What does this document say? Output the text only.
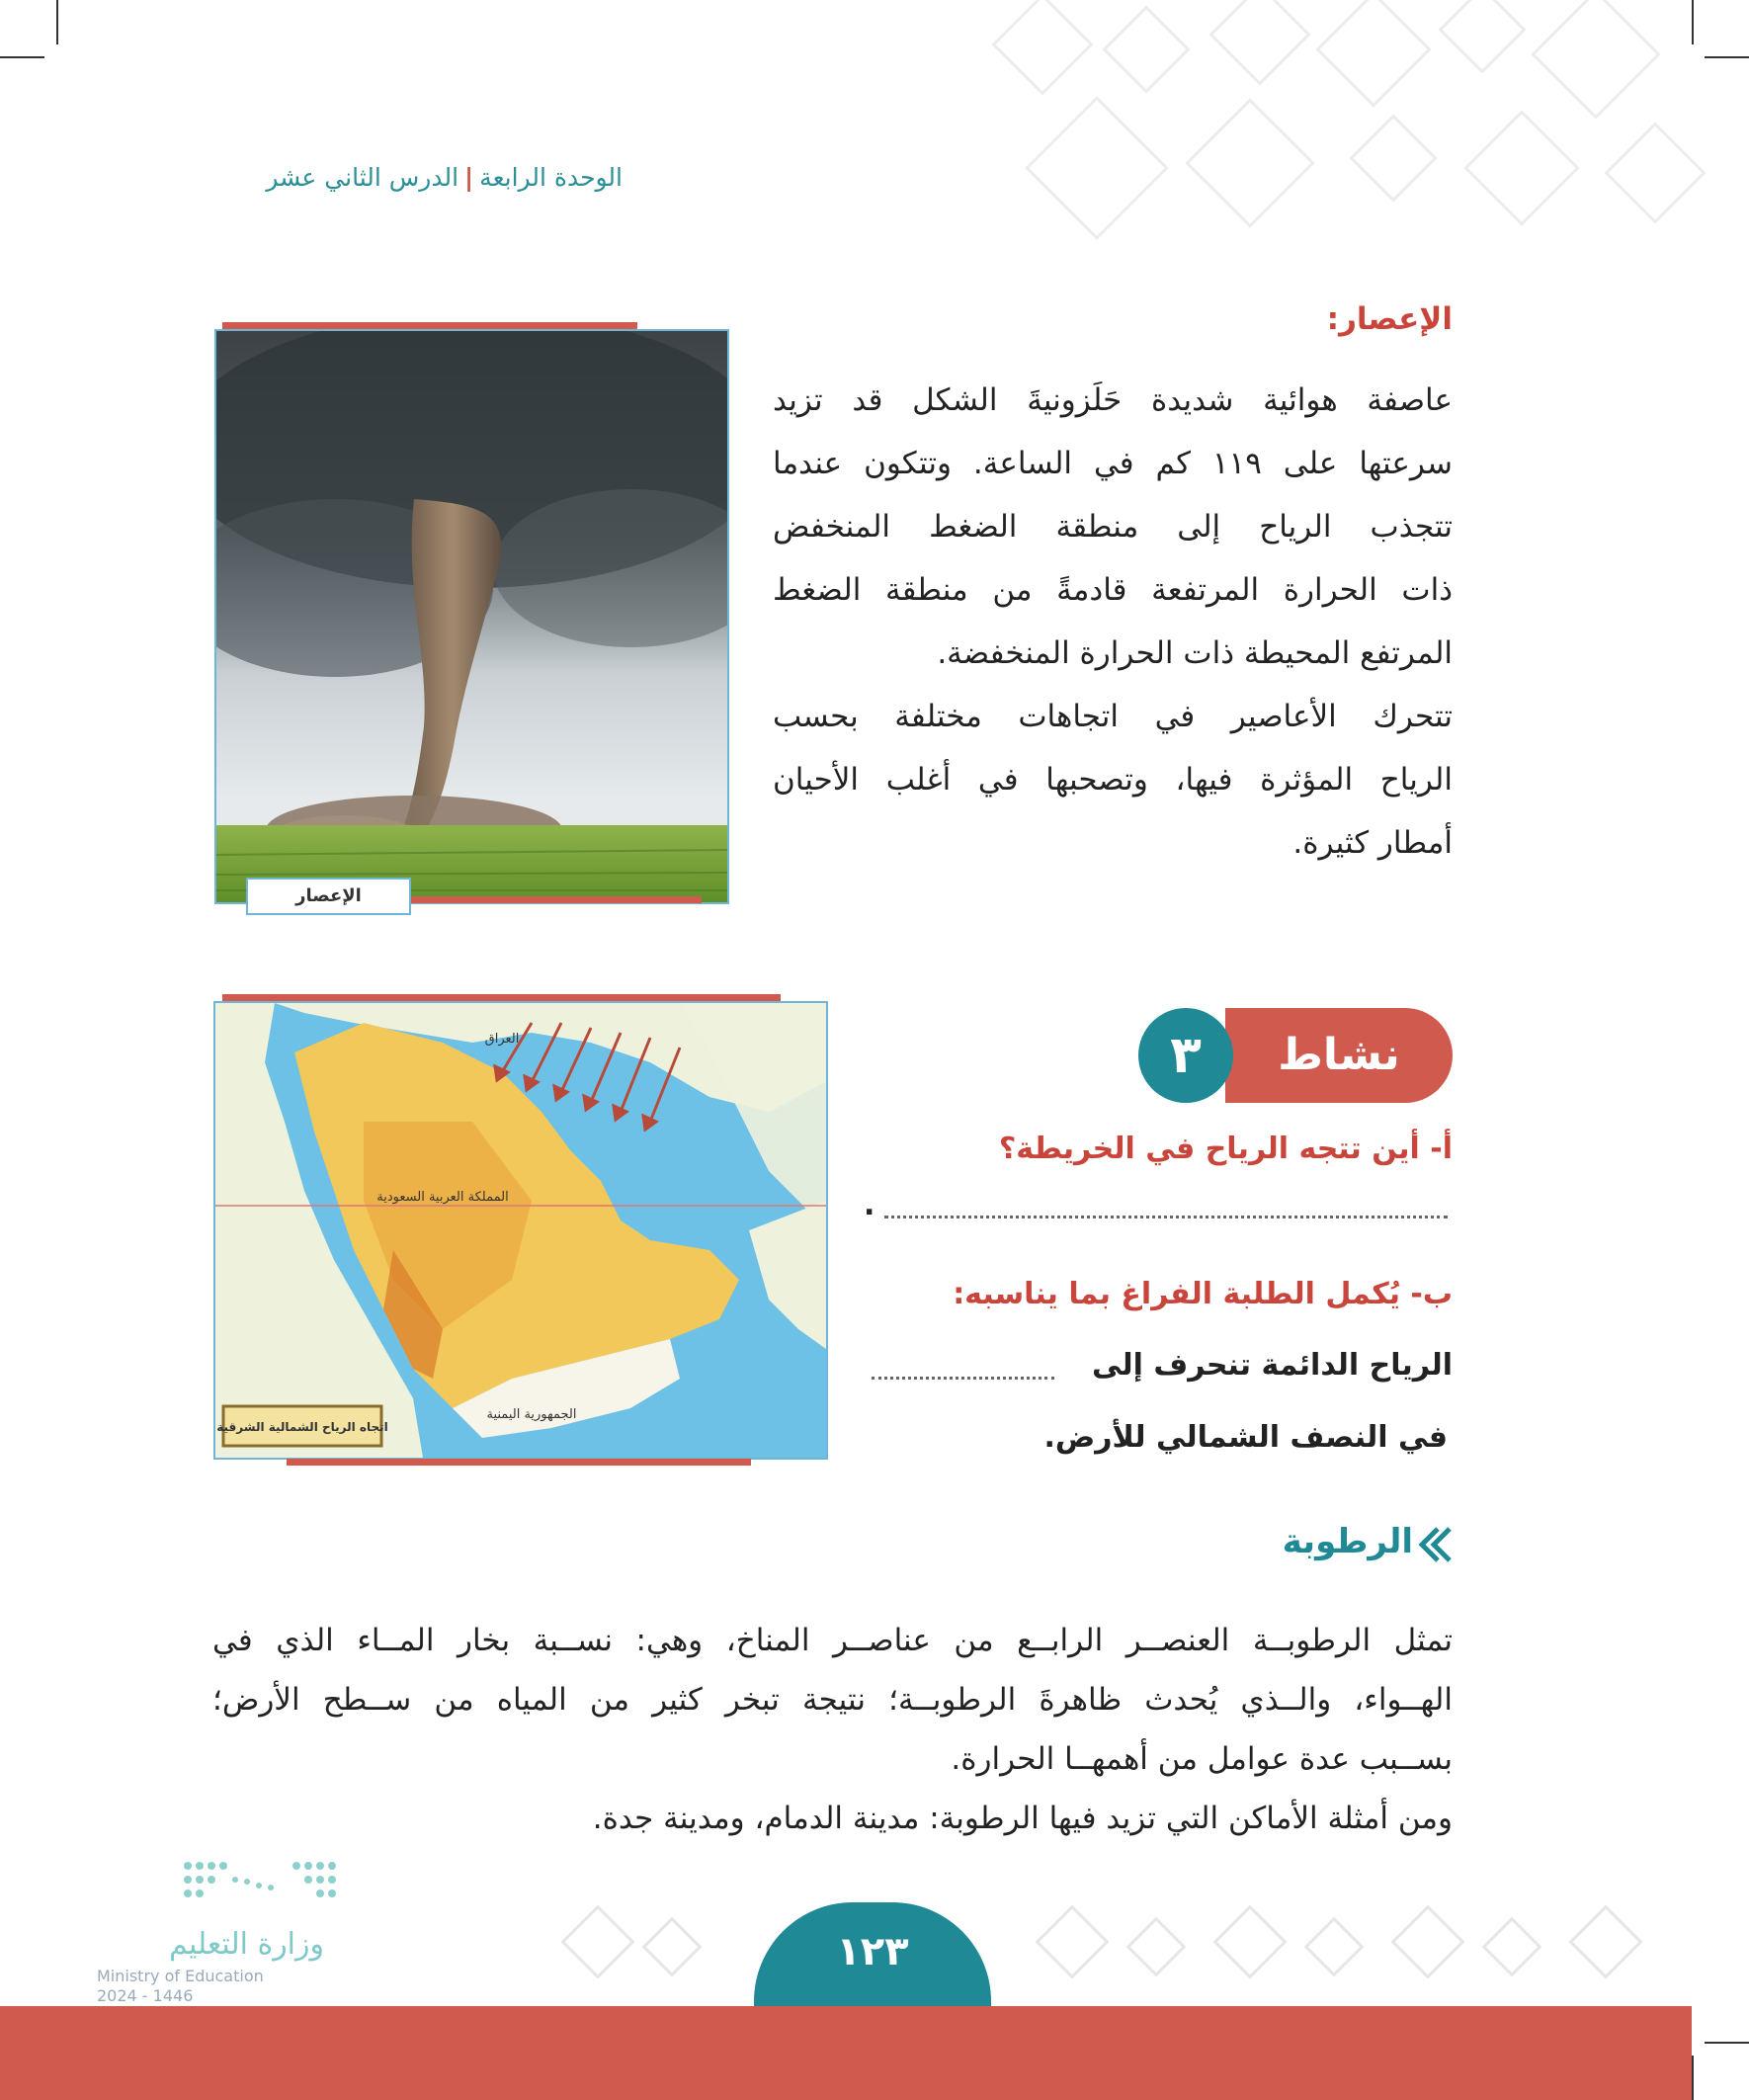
الوحدة الرابعة|الدرس الثاني عشر
الإعصار
الإعصار:

عاصفة هوائية شديدة حَلَزونيةَ الشكل قد تزيد

سرعتها على ١١٩ كم في الساعة. وتتكون عندما

تتجذب الرياح إلى منطقة الضغط المنخفض

ذات الحرارة المرتفعة قادمةً من منطقة الضغط

المرتفع المحيطة ذات الحرارة المنخفضة.

تتحرك الأعاصير في اتجاهات مختلفة بحسب

الرياح المؤثرة فيها، وتصحبها في أغلب الأحيان

أمطار كثيرة.

العراق
المملكة العربية السعودية
الجمهورية اليمنية
اتجاه الرياح الشمالية الشرقية
نشاط
٣
أ- أين تتجه الرياح في الخريطة؟
.
ب- يُكمل الطلبة الفراغ بما يناسبه:
الرياح الدائمة تنحرف إلى
في النصف الشمالي للأرض.
الرطوبة

تمثل الرطوبــة العنصــر الرابــع من عناصــر المناخ، وهي: نســبة بخار المــاء الذي في

الهــواء، والــذي يُحدث ظاهرةَ الرطوبــة؛ نتيجة تبخر كثير من المياه من ســطح الأرض؛

بســبب عدة عوامل من أهمهــا الحرارة.

ومن أمثلة الأماكن التي تزيد فيها الرطوبة: مدينة الدمام، ومدينة جدة.

وزارة التعليم
Ministry of Education
2024 - 1446
١٢٣
